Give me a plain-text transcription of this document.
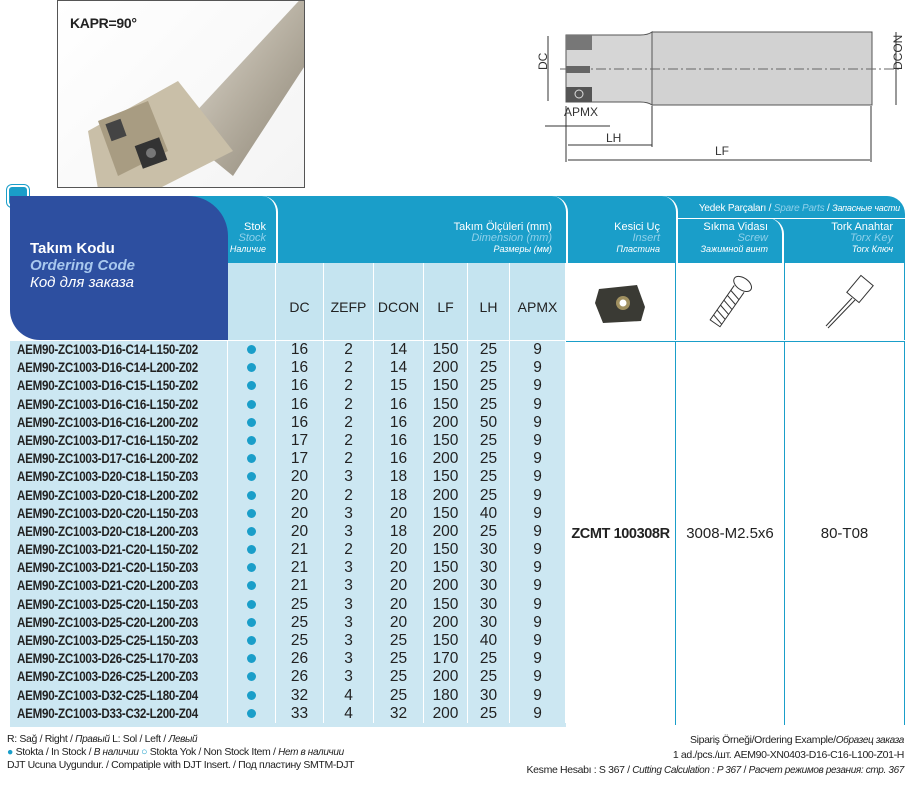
KAPR=90°
DC	DCON
APMX
LH
LF
Takım Kodu
Ordering Code
Код для заказа
Stok
Stock
Наличие
Takım Ölçüleri (mm)
Dimension (mm)
Размеры (мм)
Kesici Uç
Insert
Пластина
Yedek Parçaları / Spare Parts / Запасные части
Sıkma Vidası
Screw
Зажимной винт
Tork Anahtar
Torx Key
Torx Ключ
DC	ZEFP DCON	LF	LH	APMX
AEM90-ZC1003-D16-C14-L150-Z02	16	2	14	150	25	9
AEM90-ZC1003-D16-C14-L200-Z02	16	2	14	200	25	9
AEM90-ZC1003-D16-C15-L150-Z02	16	2	15	150	25	9
AEM90-ZC1003-D16-C16-L150-Z02	16	2	16	150	25	9
AEM90-ZC1003-D16-C16-L200-Z02	16	2	16	200	50	9
AEM90-ZC1003-D17-C16-L150-Z02	17	2	16	150	25	9
AEM90-ZC1003-D17-C16-L200-Z02	17	2	16	200	25	9
AEM90-ZC1003-D20-C18-L150-Z03	20	3	18	150	25	9
AEM90-ZC1003-D20-C18-L200-Z02	20	2	18	200	25	9
AEM90-ZC1003-D20-C20-L150-Z03	20	3	20	150	40	9
AEM90-ZC1003-D20-C18-L200-Z03	20	3	18	200	25	9
AEM90-ZC1003-D21-C20-L150-Z02	21	2	20	150	30	9
AEM90-ZC1003-D21-C20-L150-Z03	21	3	20	150	30	9
AEM90-ZC1003-D21-C20-L200-Z03	21	3	20	200	30	9
AEM90-ZC1003-D25-C20-L150-Z03	25	3	20	150	30	9
AEM90-ZC1003-D25-C20-L200-Z03	25	3	20	200	30	9
AEM90-ZC1003-D25-C25-L150-Z03	25	3	25	150	40	9
AEM90-ZC1003-D26-C25-L170-Z03	26	3	25	170	25	9
AEM90-ZC1003-D26-C25-L200-Z03	26	3	25	200	25	9
AEM90-ZC1003-D32-C25-L180-Z04	32	4	25	180	30	9
AEM90-ZC1003-D33-C32-L200-Z04	33	4	32	200	25	9
ZCMT 100308R	3008-M2.5x6	80-T08
R: Sağ / Right / Правый L: Sol / Left / Левый
● Stokta / In Stock / В наличии ○ Stokta Yok / Non Stock Item / Нет в наличии
DJT Ucuna Uygundur. / Compatiple with DJT Insert. / Под пластину SMTM-DJT
Sipariş Örneği/Ordering Example/Образец заказа
1 ad./pcs./шт. AEM90-XN0403-D16-C16-L100-Z01-H
Kesme Hesabı : S 367 / Cutting Calculation : P 367 / Расчет режимов резания: стр. 367
